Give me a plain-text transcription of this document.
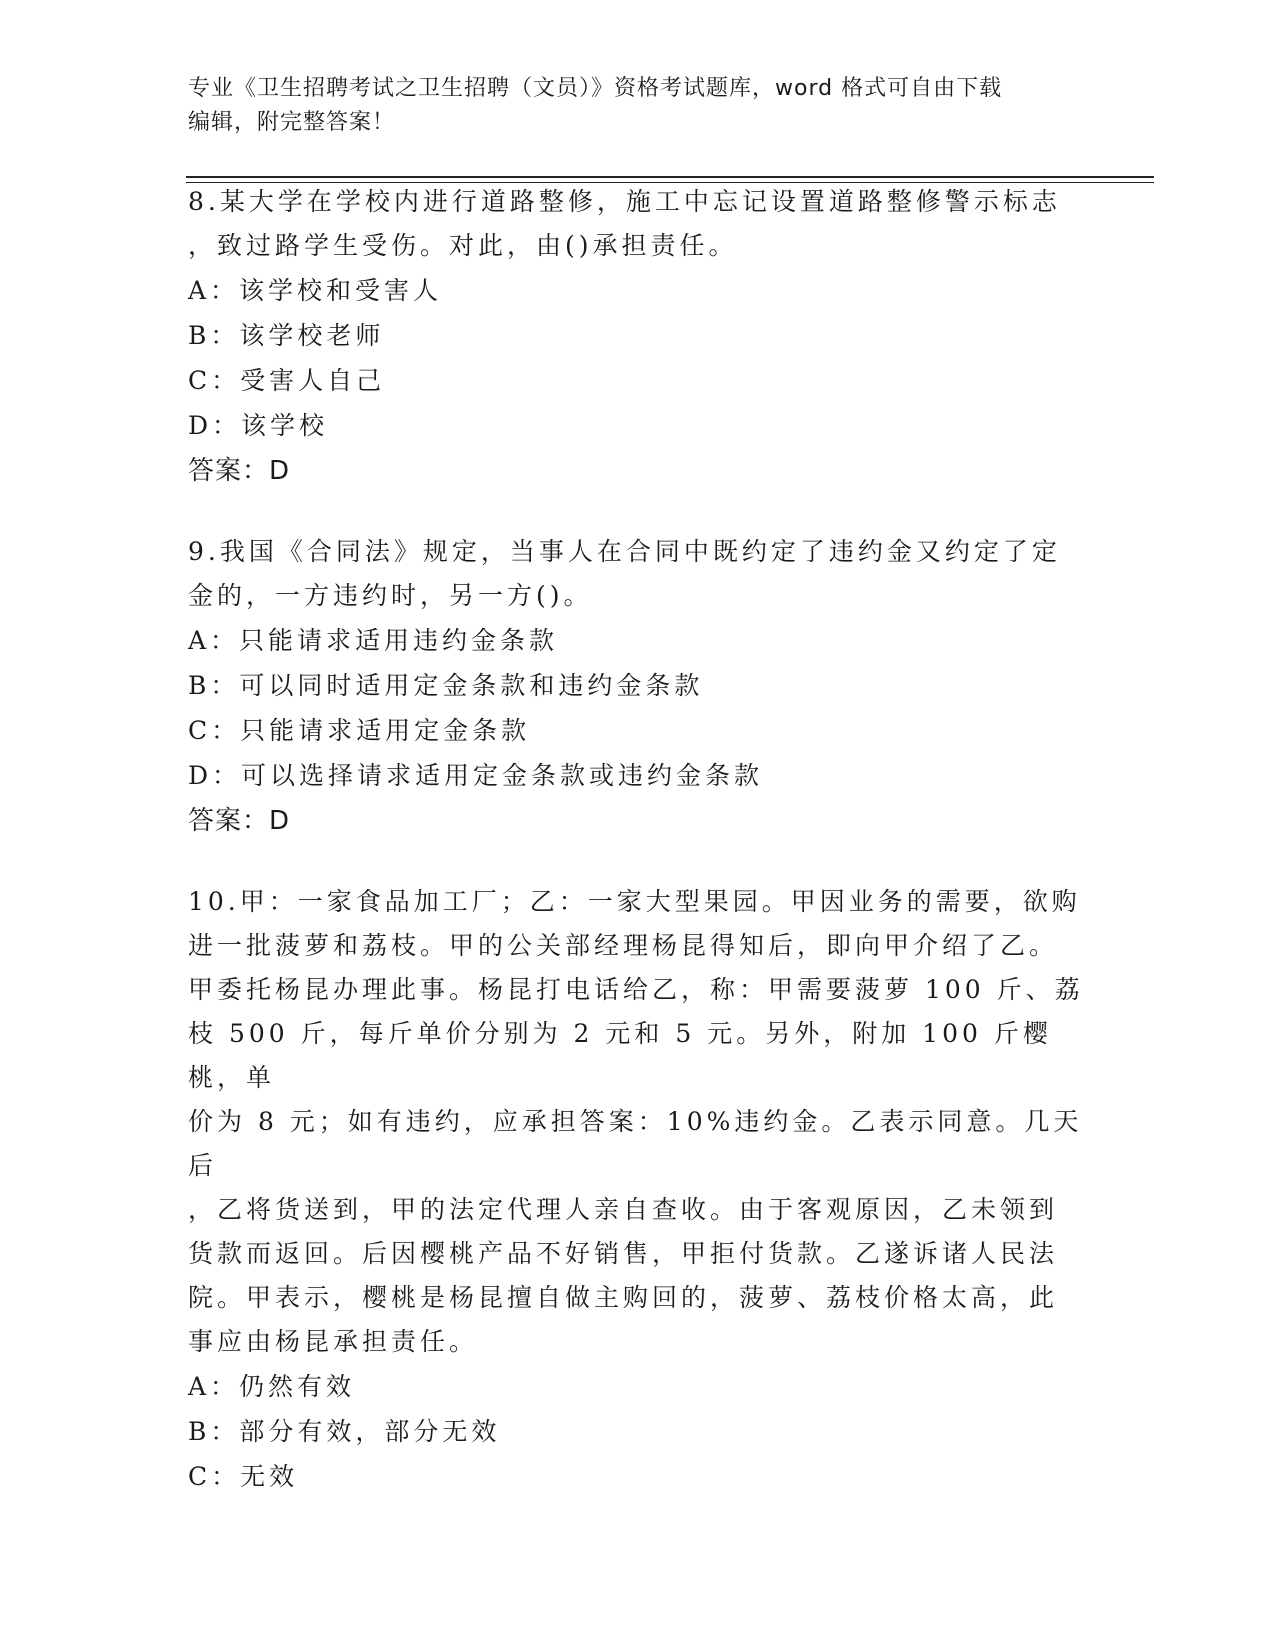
专业《卫生招聘考试之卫生招聘（文员）》资格考试题库，word 格式可自由下载
编辑，附完整答案！

8.某大学在学校内进行道路整修，施工中忘记设置道路整修警示标志

，致过路学生受伤。对此，由()承担责任。

A：该学校和受害人

B：该学校老师

C：受害人自己

D：该学校

答案：D

9.我国《合同法》规定，当事人在合同中既约定了违约金又约定了定

金的，一方违约时，另一方()。

A：只能请求适用违约金条款

B：可以同时适用定金条款和违约金条款

C：只能请求适用定金条款

D：可以选择请求适用定金条款或违约金条款

答案：D

10.甲：一家食品加工厂；乙：一家大型果园。甲因业务的需要，欲购

进一批菠萝和荔枝。甲的公关部经理杨昆得知后，即向甲介绍了乙。

甲委托杨昆办理此事。杨昆打电话给乙，称：甲需要菠萝 100 斤、荔

枝 500 斤，每斤单价分别为 2 元和 5 元。另外，附加 100 斤樱桃，单

价为 8 元；如有违约，应承担答案：10%违约金。乙表示同意。几天后

，乙将货送到，甲的法定代理人亲自查收。由于客观原因，乙未领到

货款而返回。后因樱桃产品不好销售，甲拒付货款。乙遂诉诸人民法

院。甲表示，樱桃是杨昆擅自做主购回的，菠萝、荔枝价格太高，此

事应由杨昆承担责任。

A：仍然有效

B：部分有效，部分无效

C：无效
